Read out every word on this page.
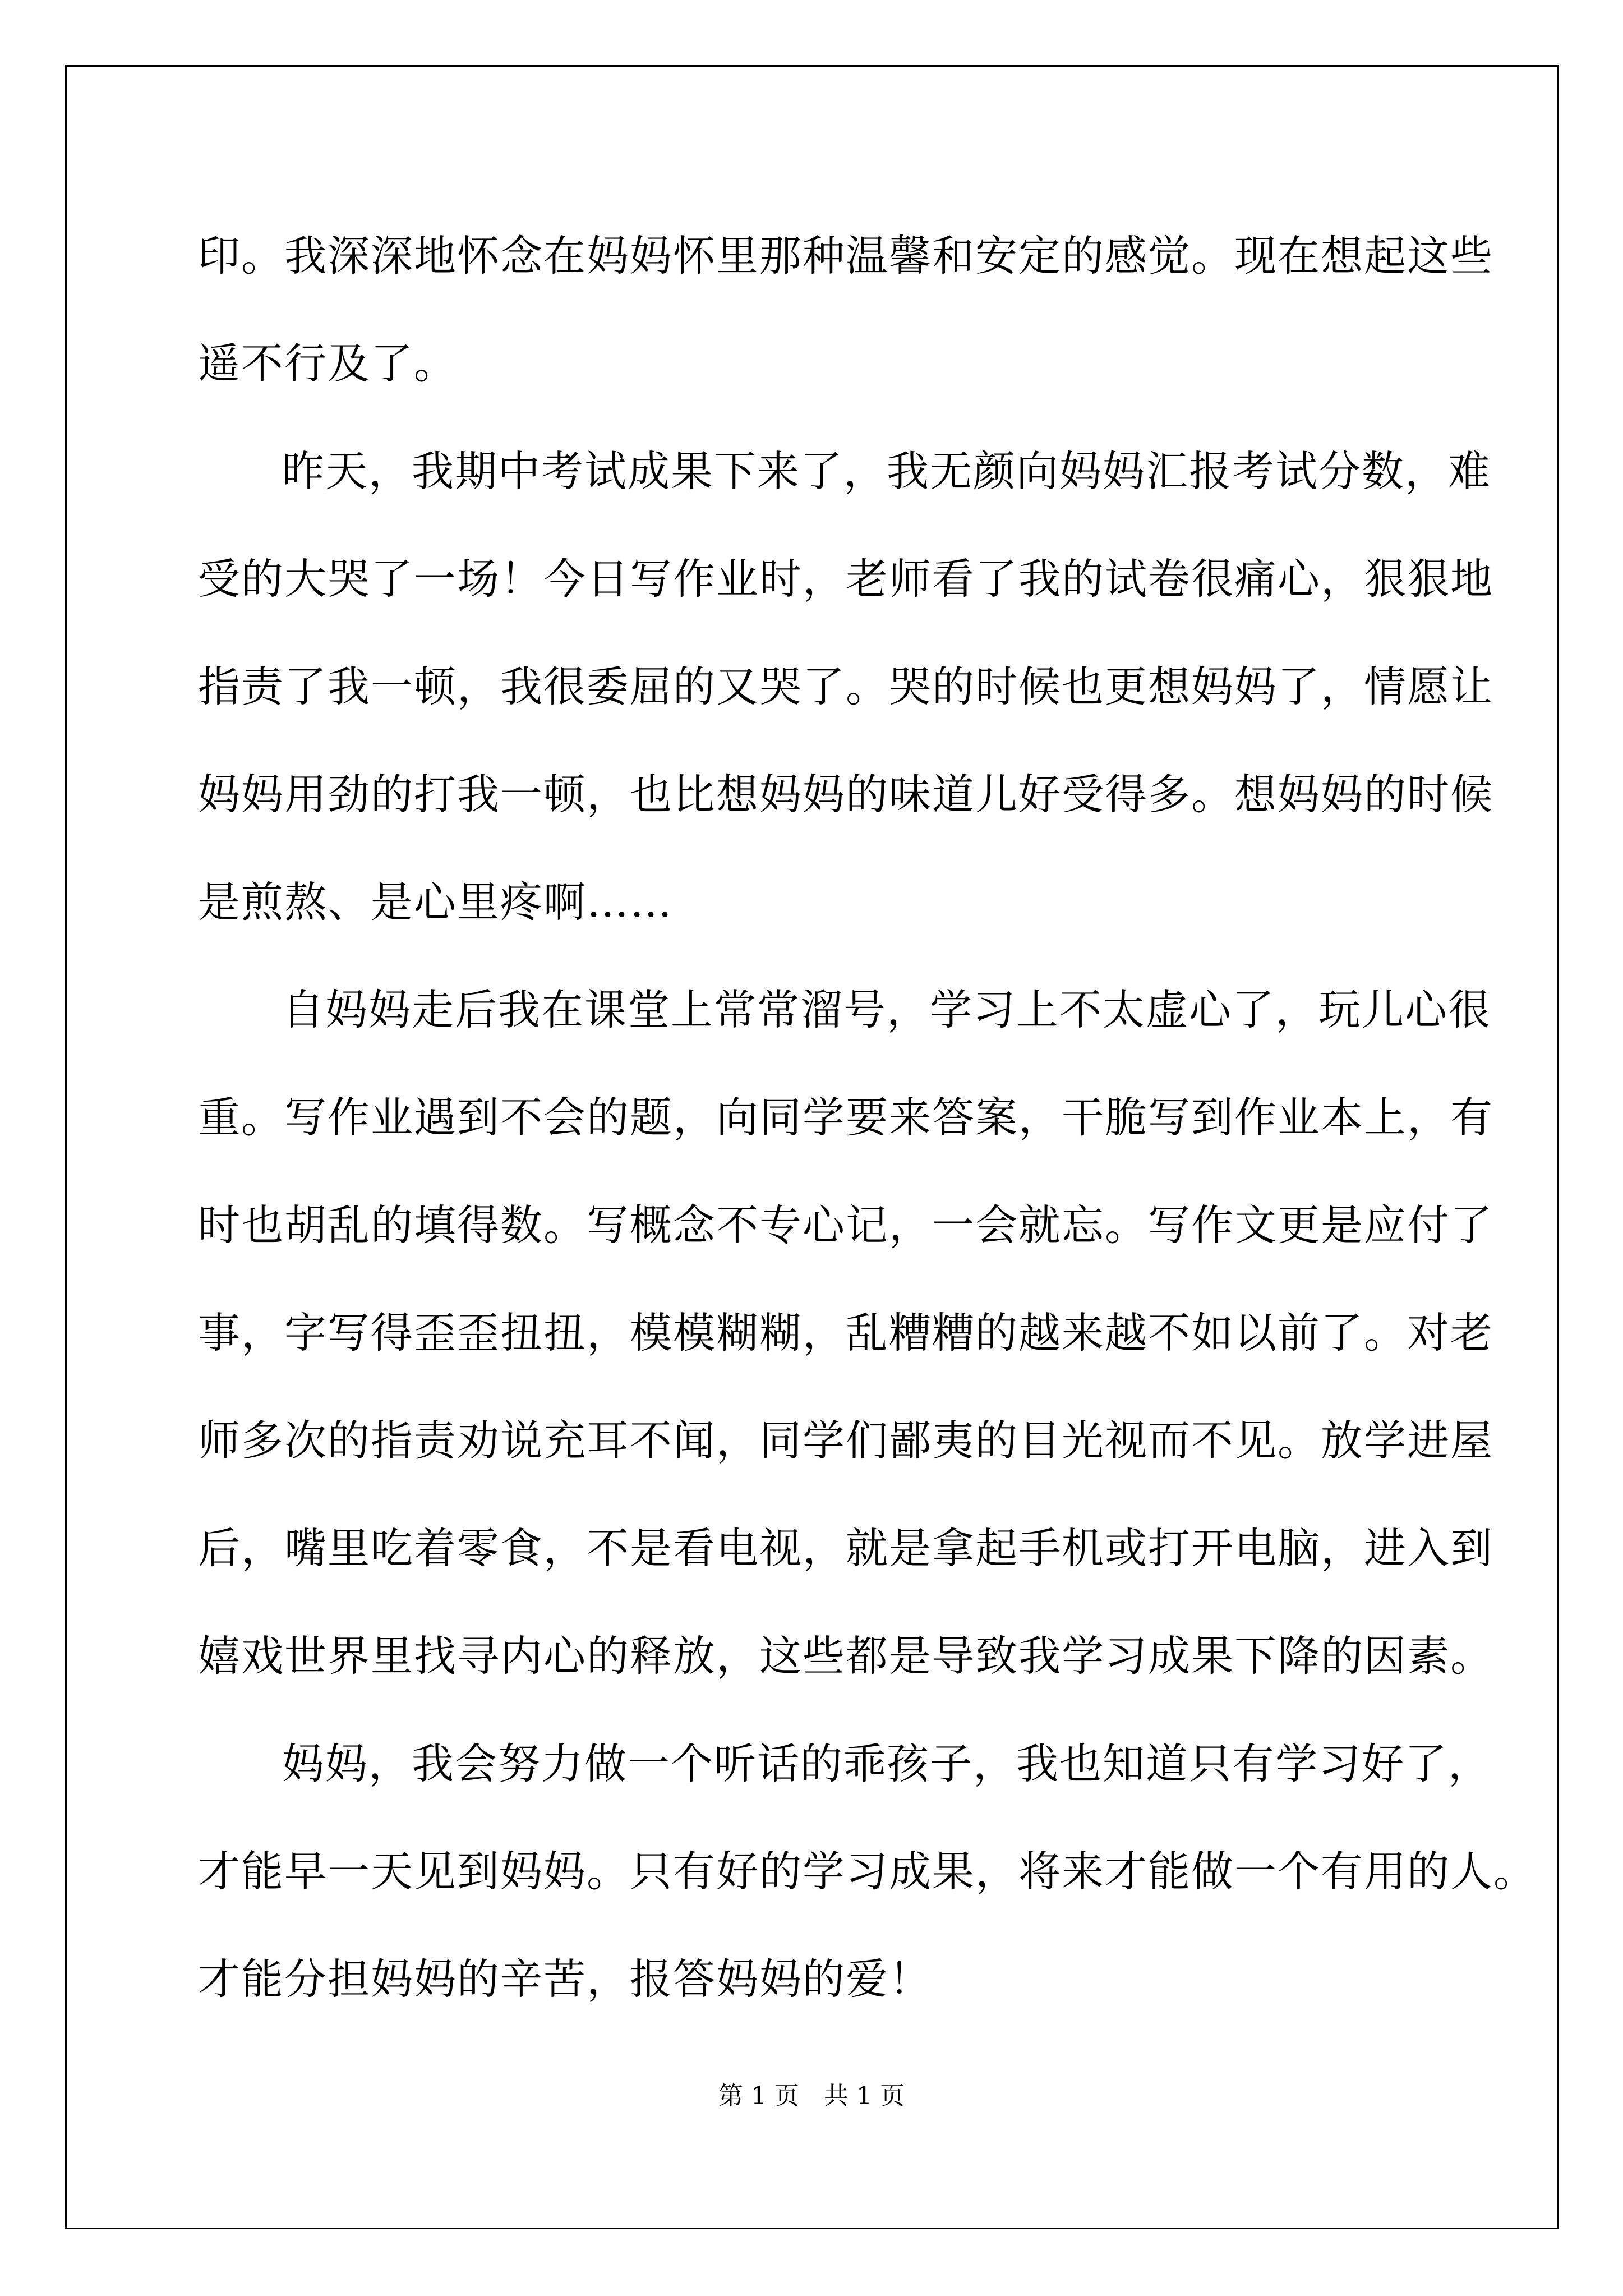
印。我深深地怀念在妈妈怀里那种温馨和安定的感觉。现在想起这些
遥不行及了。
昨天，我期中考试成果下来了，我无颜向妈妈汇报考试分数，难
受的大哭了一场！今日写作业时，老师看了我的试卷很痛心，狠狠地
指责了我一顿，我很委屈的又哭了。哭的时候也更想妈妈了，情愿让
妈妈用劲的打我一顿，也比想妈妈的味道儿好受得多。想妈妈的时候
是煎熬、是心里疼啊……
自妈妈走后我在课堂上常常溜号，学习上不太虚心了，玩儿心很
重。写作业遇到不会的题，向同学要来答案，干脆写到作业本上，有
时也胡乱的填得数。写概念不专心记，一会就忘。写作文更是应付了
事，字写得歪歪扭扭，模模糊糊，乱糟糟的越来越不如以前了。对老
师多次的指责劝说充耳不闻，同学们鄙夷的目光视而不见。放学进屋
后，嘴里吃着零食，不是看电视，就是拿起手机或打开电脑，进入到
嬉戏世界里找寻内心的释放，这些都是导致我学习成果下降的因素。
妈妈，我会努力做一个听话的乖孩子，我也知道只有学习好了，
才能早一天见到妈妈。只有好的学习成果，将来才能做一个有用的人。
才能分担妈妈的辛苦，报答妈妈的爱！
第 1 页　共 1 页
